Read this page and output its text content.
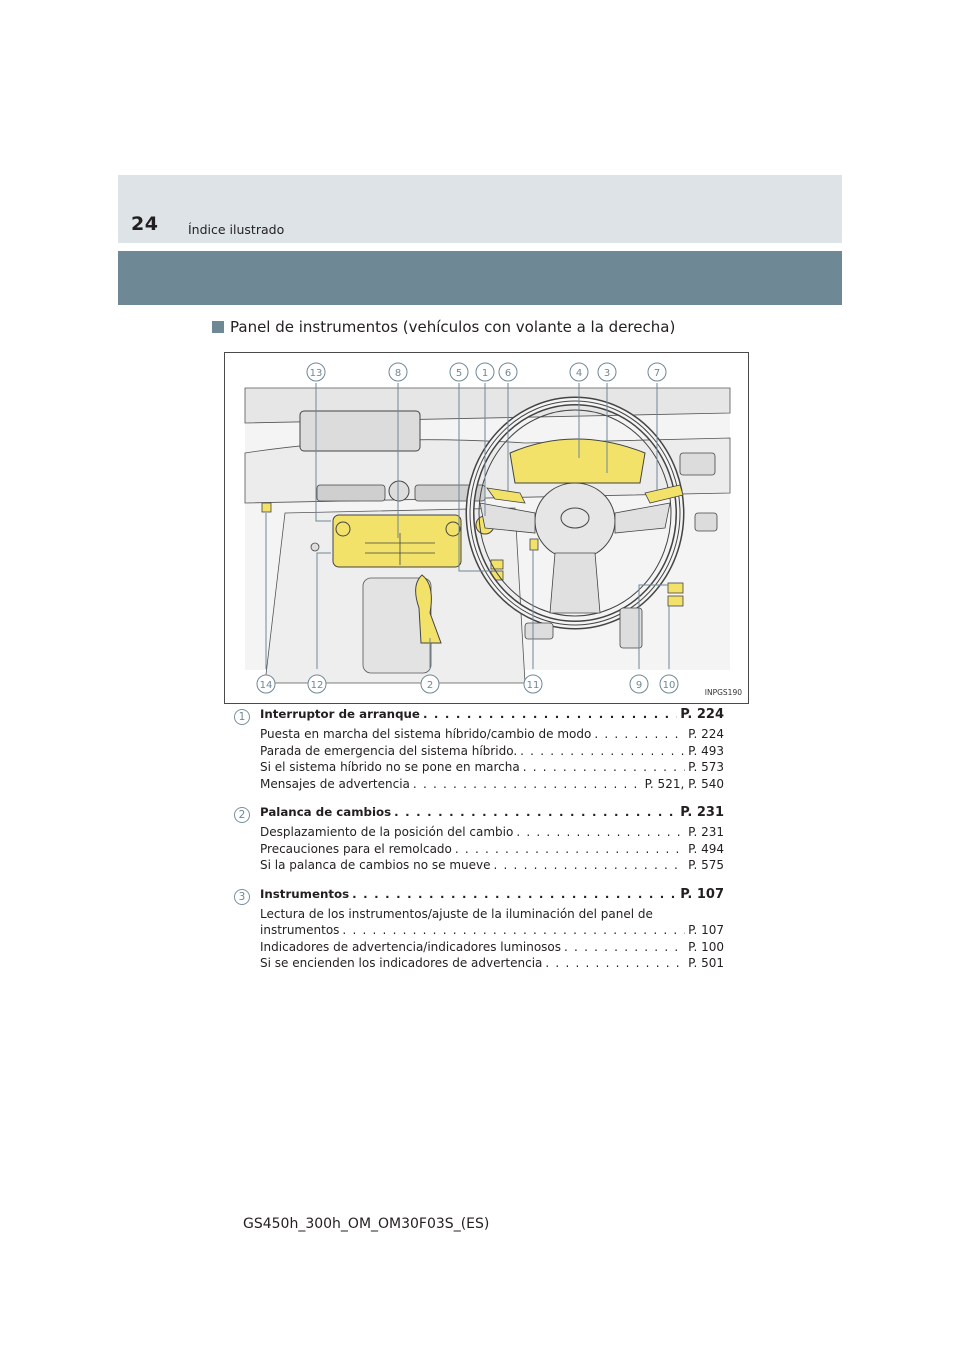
24 Índice ilustrado
Panel de instrumentos (vehículos con volante a la derecha)
13	8	5 1 6	4 3	7
14	12	2	11	9 10
INPGS190
1	Interruptor de arranque . . .	P. 224
Puesta en marcha del sistema híbrido/cambio de modo . . .	P. 224
Parada de emergencia del sistema híbrido. . . .	P. 493
Si el sistema híbrido no se pone en marcha . . .	P. 573
Mensajes de advertencia . . .	P. 521, P. 540
2	Palanca de cambios . . .	P. 231
Desplazamiento de la posición del cambio . . .	P. 231
Precauciones para el remolcado . . .	P. 494
Si la palanca de cambios no se mueve . . .	P. 575
3	Instrumentos . . .	P. 107
Lectura de los instrumentos/ajuste de la iluminación del panel de
instrumentos . . .	P. 107
Indicadores de advertencia/indicadores luminosos . . .	P. 100
Si se encienden los indicadores de advertencia . . .	P. 501
GS450h_300h_OM_OM30F03S_(ES)
